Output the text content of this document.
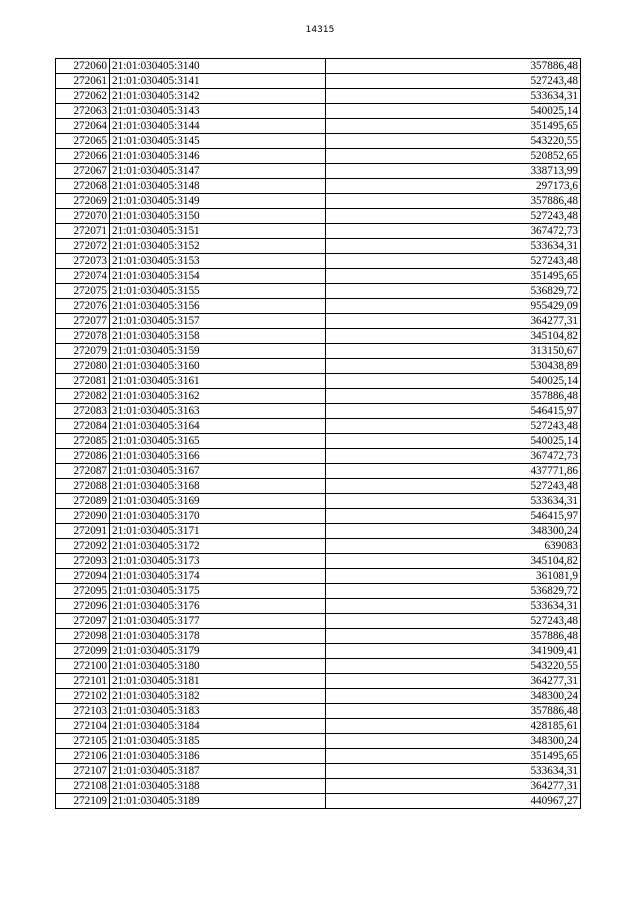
14315
272060	21:01:030405:3140	357886,48
272061	21:01:030405:3141	527243,48
272062	21:01:030405:3142	533634,31
272063	21:01:030405:3143	540025,14
272064	21:01:030405:3144	351495,65
272065	21:01:030405:3145	543220,55
272066	21:01:030405:3146	520852,65
272067	21:01:030405:3147	338713,99
272068	21:01:030405:3148	297173,6
272069	21:01:030405:3149	357886,48
272070	21:01:030405:3150	527243,48
272071	21:01:030405:3151	367472,73
272072	21:01:030405:3152	533634,31
272073	21:01:030405:3153	527243,48
272074	21:01:030405:3154	351495,65
272075	21:01:030405:3155	536829,72
272076	21:01:030405:3156	955429,09
272077	21:01:030405:3157	364277,31
272078	21:01:030405:3158	345104,82
272079	21:01:030405:3159	313150,67
272080	21:01:030405:3160	530438,89
272081	21:01:030405:3161	540025,14
272082	21:01:030405:3162	357886,48
272083	21:01:030405:3163	546415,97
272084	21:01:030405:3164	527243,48
272085	21:01:030405:3165	540025,14
272086	21:01:030405:3166	367472,73
272087	21:01:030405:3167	437771,86
272088	21:01:030405:3168	527243,48
272089	21:01:030405:3169	533634,31
272090	21:01:030405:3170	546415,97
272091	21:01:030405:3171	348300,24
272092	21:01:030405:3172	639083
272093	21:01:030405:3173	345104,82
272094	21:01:030405:3174	361081,9
272095	21:01:030405:3175	536829,72
272096	21:01:030405:3176	533634,31
272097	21:01:030405:3177	527243,48
272098	21:01:030405:3178	357886,48
272099	21:01:030405:3179	341909,41
272100	21:01:030405:3180	543220,55
272101	21:01:030405:3181	364277,31
272102	21:01:030405:3182	348300,24
272103	21:01:030405:3183	357886,48
272104	21:01:030405:3184	428185,61
272105	21:01:030405:3185	348300,24
272106	21:01:030405:3186	351495,65
272107	21:01:030405:3187	533634,31
272108	21:01:030405:3188	364277,31
272109	21:01:030405:3189	440967,27
